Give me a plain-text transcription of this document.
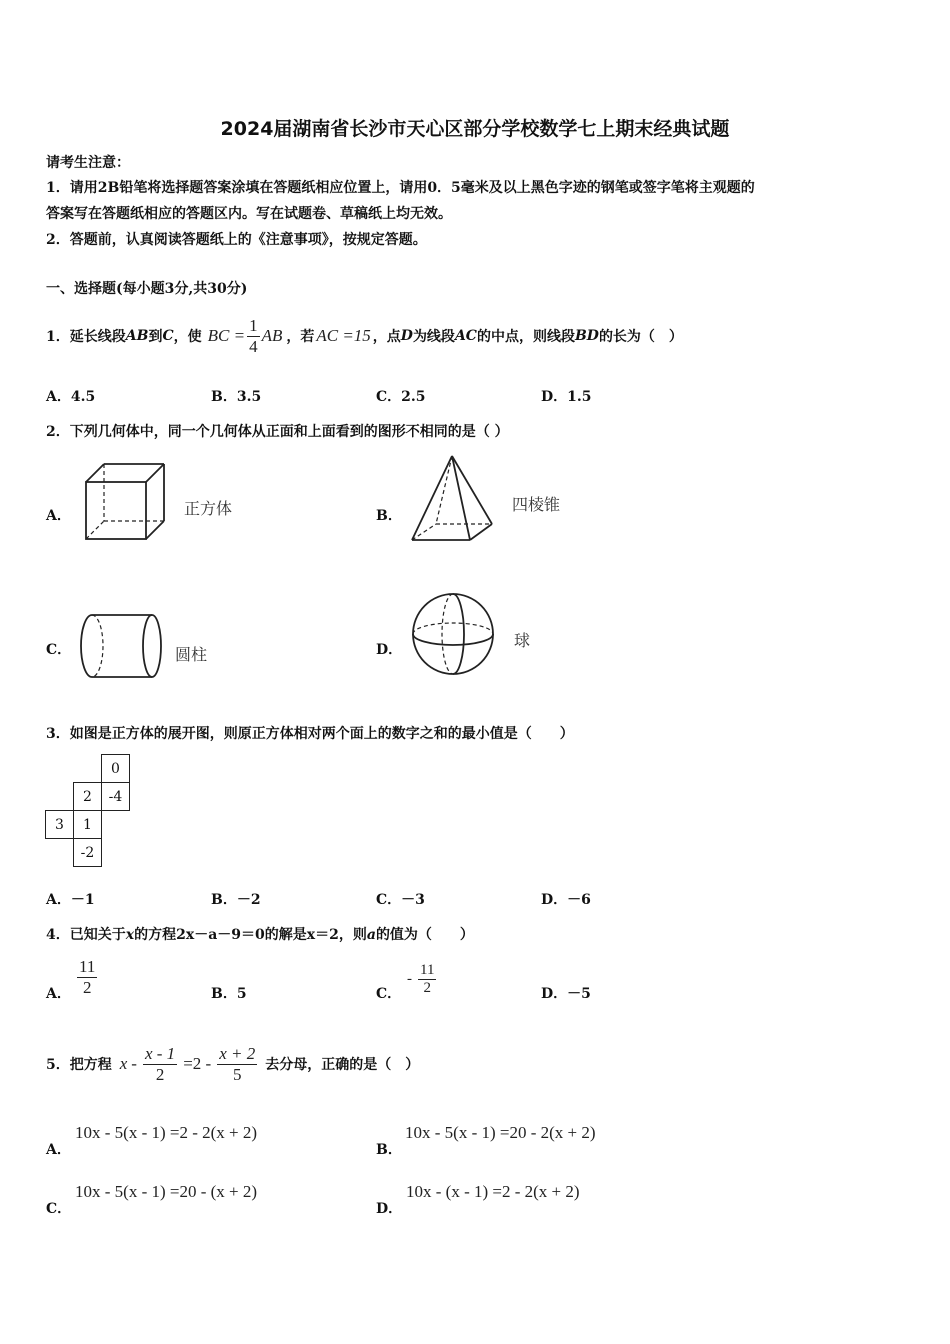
2024届湖南省长沙市天心区部分学校数学七上期末经典试题
请考生注意：
1．请用2B铅笔将选择题答案涂填在答题纸相应位置上，请用0．5毫米及以上黑色字迹的钢笔或签字笔将主观题的
答案写在答题纸相应的答题区内。写在试题卷、草稿纸上均无效。
2．答题前，认真阅读答题纸上的《注意事项》，按规定答题。
一、选择题(每小题3分,共30分)
1．延长线段 AB 到 C ，使 BC = $\frac{1}{4}$ AB ，若 AC =15 ，点 D 为线段 AC 的中点，则线段 BD 的长为（　）
A．4.5	B．3.5	C．2.5	D．1.5
2．下列几何体中，同一个几何体从正面和上面看到的图形不相同的是（ ）
A．	正方体	B．
四棱锥
C．	圆柱	D．	球
3．如图是正方体的展开图，则原正方体相对两个面上的数字之和的最小值是（　　）
		0
	2	-4
3	1	
	-2	
A．－1	B．－2	C．－3	D．－6
4．已知关于x的方程2x－a－9＝0的解是x＝2，则a的值为（　　）
A． $\frac{11}{2}$	B．5	C．
- $\frac{11}{2}$	D．－5
5．把方程 $x - \frac{x - 1}{2} =2 - \frac{x + 2}{5}$ 去分母，正确的是（　）
A．
10x - 5(x - 1) =2 - 2(x + 2)
B．
10x - 5(x - 1) =20 - 2(x + 2)
C．
10x - 5(x - 1) =20 - (x + 2)
D．
10x - (x - 1) =2 - 2(x + 2)
